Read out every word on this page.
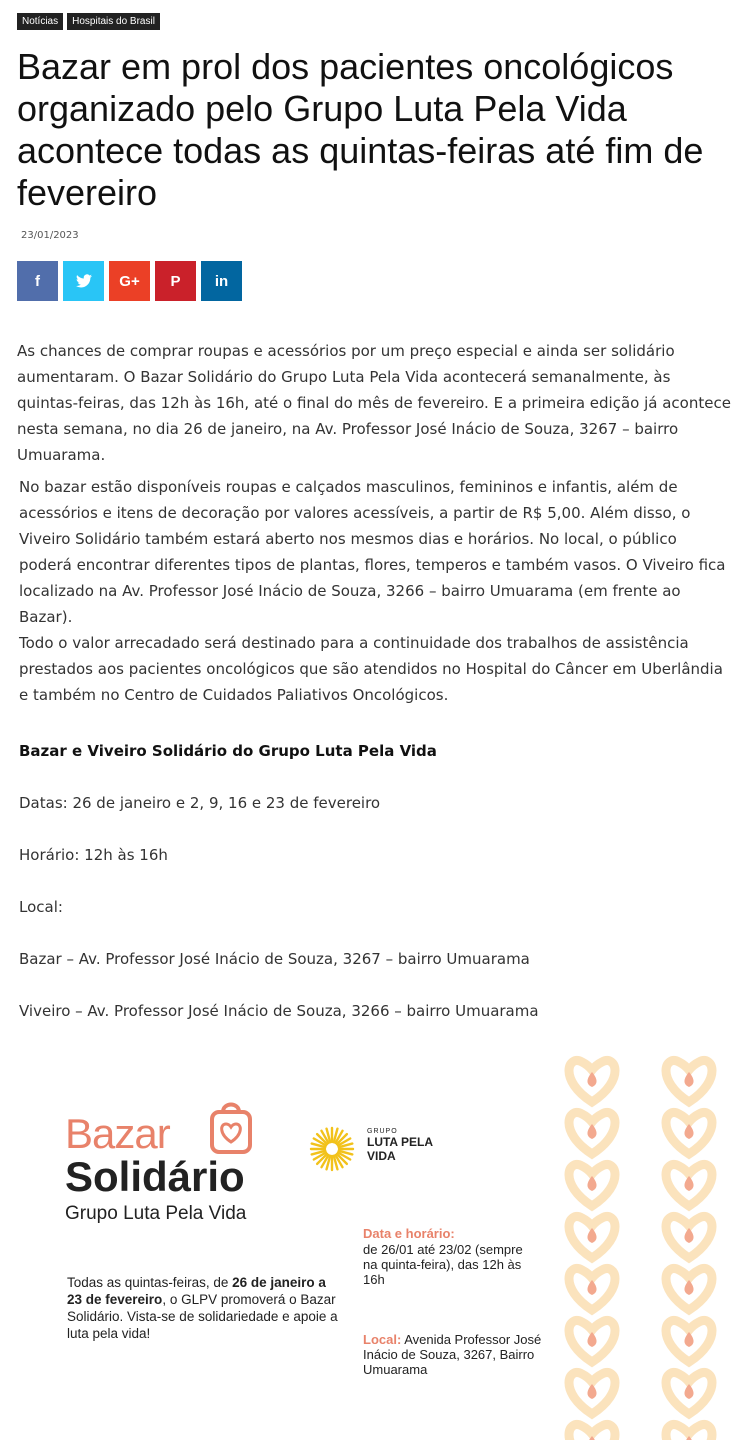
Notícias	Hospitais do Brasil
Bazar em prol dos pacientes oncológicos organizado pelo Grupo Luta Pela Vida acontece todas as quintas-feiras até fim de fevereiro
23/01/2023
f	G+ P in

As chances de comprar roupas e acessórios por um preço especial e ainda ser solidário aumentaram. O Bazar Solidário do Grupo Luta Pela Vida acontecerá semanalmente, às quintas-feiras, das 12h às 16h, até o final do mês de fevereiro. E a primeira edição já acontece nesta semana, no dia 26 de janeiro, na Av. Professor José Inácio de Souza, 3267 – bairro Umuarama.

No bazar estão disponíveis roupas e calçados masculinos, femininos e infantis, além de acessórios e itens de decoração por valores acessíveis, a partir de R$ 5,00. Além disso, o Viveiro Solidário também estará aberto nos mesmos dias e horários. No local, o público poderá encontrar diferentes tipos de plantas, flores, temperos e também vasos. O Viveiro fica localizado na Av. Professor José Inácio de Souza, 3266 – bairro Umuarama (em frente ao Bazar).

Todo o valor arrecadado será destinado para a continuidade dos trabalhos de assistência prestados aos pacientes oncológicos que são atendidos no Hospital do Câncer em Uberlândia e também no Centro de Cuidados Paliativos Oncológicos.

Bazar e Viveiro Solidário do Grupo Luta Pela Vida
Datas: 26 de janeiro e 2, 9, 16 e 23 de fevereiro
Horário: 12h às 16h
Local:
Bazar – Av. Professor José Inácio de Souza, 3267 – bairro Umuarama
Viveiro – Av. Professor José Inácio de Souza, 3266 – bairro Umuarama
Bazar
Solidário
Grupo Luta Pela Vida
GRUPO
LUTA PELA
VIDA
Data e horário:
de 26/01 até 23/02 (sempre na quinta-feira), das 12h às 16h
Todas as quintas-feiras, de 26 de janeiro a 23 de fevereiro, o GLPV promoverá o Bazar Solidário. Vista-se de solidariedade e apoie a luta pela vida!	Local: Avenida Professor José Inácio de Souza, 3267, Bairro Umuarama
